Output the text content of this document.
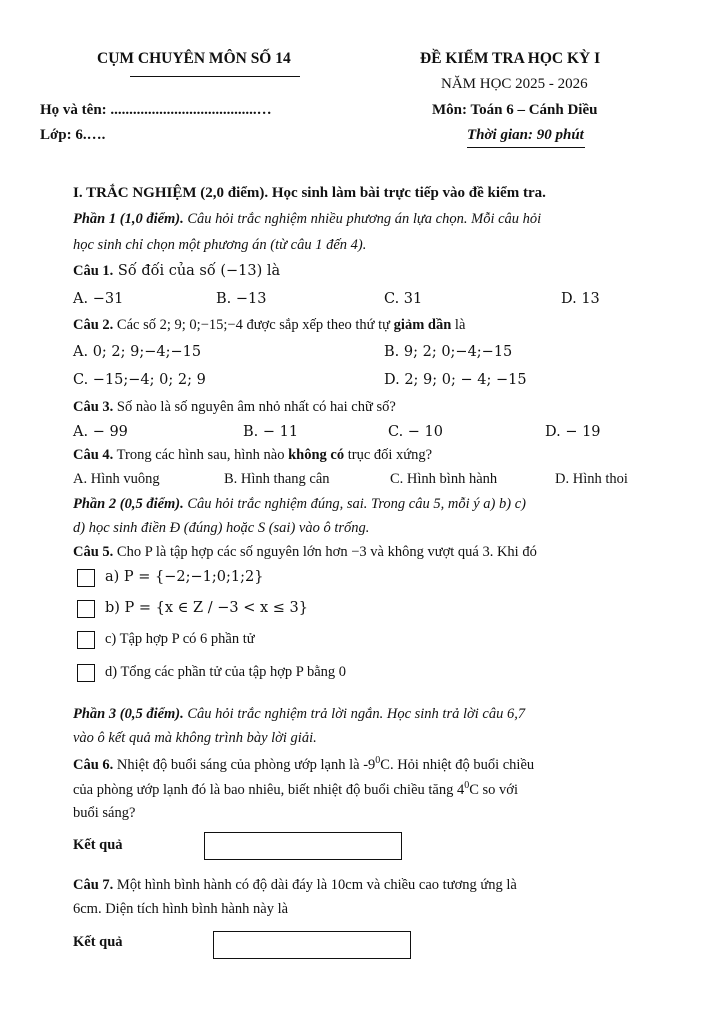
CỤM CHUYÊN MÔN SỐ 14	ĐỀ KIỂM TRA HỌC KỲ I
NĂM HỌC 2025 - 2026
Họ và tên: .......................................…	Môn: Toán 6 – Cánh Diều
Lớp: 6.….	Thời gian: 90 phút
I. TRẮC NGHIỆM (2,0 điểm). Học sinh làm bài trực tiếp vào đề kiểm tra.
Phần 1 (1,0 điểm). Câu hỏi trắc nghiệm nhiều phương án lựa chọn. Mỗi câu hỏi
học sinh chỉ chọn một phương án (từ câu 1 đến 4).
Câu 1. Số đối của số (−13) là
A. −31	B. −13	C. 31	D. 13
Câu 2. Các số 2; 9; 0;−15;−4 được sắp xếp theo thứ tự giảm dần là
A. 0; 2; 9;−4;−15	B. 9; 2; 0;−4;−15
C. −15;−4; 0; 2; 9	D. 2; 9; 0; − 4; −15
Câu 3. Số nào là số nguyên âm nhỏ nhất có hai chữ số?
A. − 99	B. − 11	C. − 10	D. − 19
Câu 4. Trong các hình sau, hình nào không có trục đối xứng?
A. Hình vuông	B. Hình thang cân	C. Hình bình hành	D. Hình thoi
Phần 2 (0,5 điểm). Câu hỏi trắc nghiệm đúng, sai. Trong câu 5, mỗi ý a) b) c)
d) học sinh điền Đ (đúng) hoặc S (sai) vào ô trống.
Câu 5. Cho P là tập hợp các số nguyên lớn hơn −3 và không vượt quá 3. Khi đó
a) P = {−2;−1;0;1;2}
b) P = {x ∈ Z / −3 < x ≤ 3}
c) Tập hợp P có 6 phần tử
d) Tổng các phần tử của tập hợp P bằng 0
Phần 3 (0,5 điểm). Câu hỏi trắc nghiệm trả lời ngắn. Học sinh trả lời câu 6,7
vào ô kết quả mà không trình bày lời giải.
Câu 6. Nhiệt độ buổi sáng của phòng ướp lạnh là $-9^0C$. Hỏi nhiệt độ buổi chiều
của phòng ướp lạnh đó là bao nhiêu, biết nhiệt độ buổi chiều tăng $4^0C$ so với
buổi sáng?
Kết quả
Câu 7. Một hình bình hành có độ dài đáy là 10cm và chiều cao tương ứng là
6cm. Diện tích hình bình hành này là
Kết quả
